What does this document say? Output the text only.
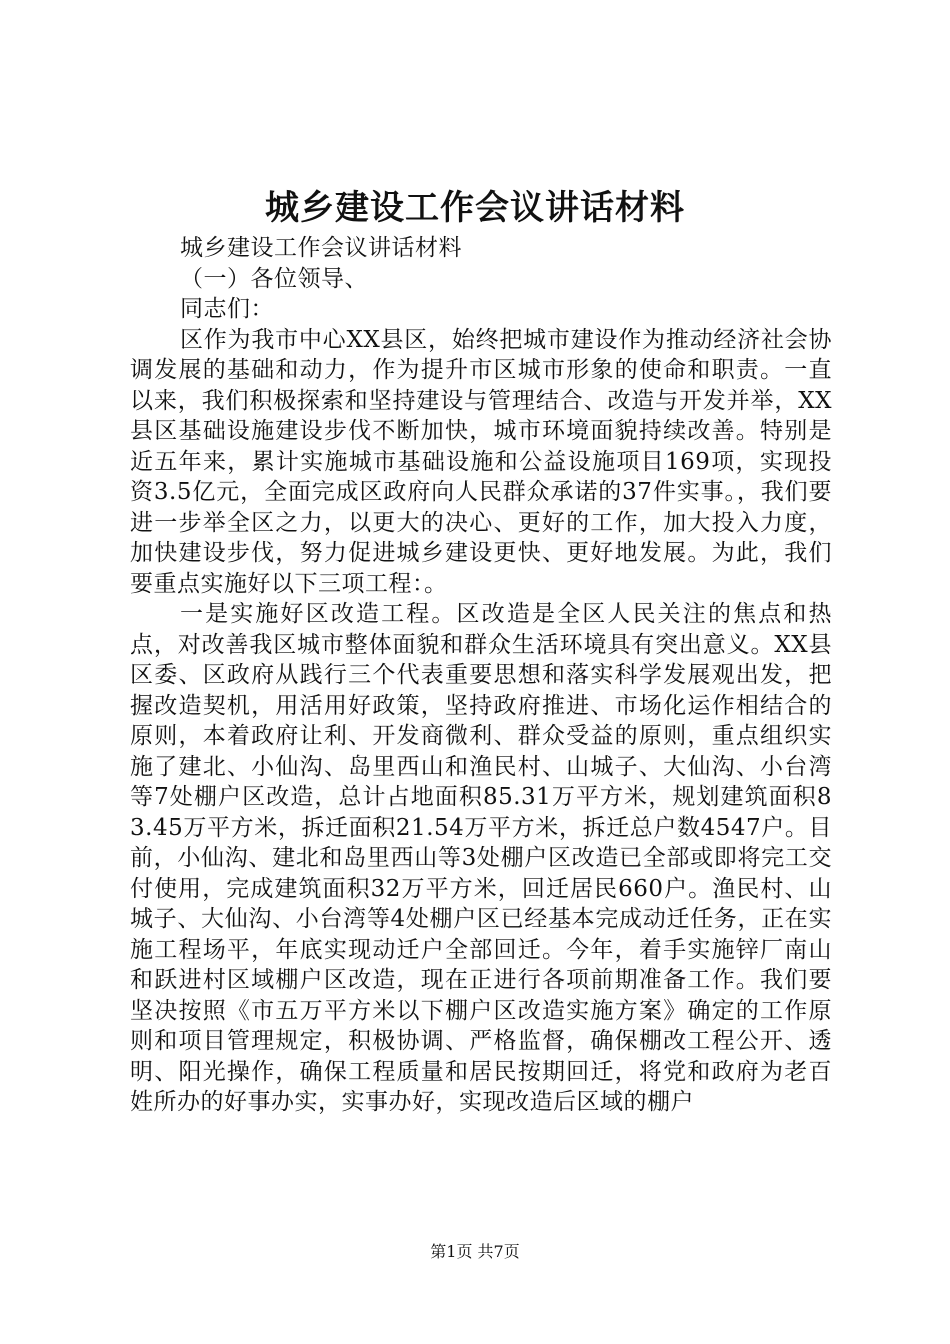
城乡建设工作会议讲话材料

城乡建设工作会议讲话材料

（一）各位领导、

同志们：

区作为我市中心XX县区，始终把城市建设作为推动经济社会协调发展的基础和动力，作为提升市区城市形象的使命和职责。一直以来，我们积极探索和坚持建设与管理结合、改造与开发并举，XX县区基础设施建设步伐不断加快，城市环境面貌持续改善。特别是近五年来，累计实施城市基础设施和公益设施项目169项，实现投资3.5亿元，全面完成区政府向人民群众承诺的37件实事。，我们要进一步举全区之力，以更大的决心、更好的工作，加大投入力度，加快建设步伐，努力促进城乡建设更快、更好地发展。为此，我们要重点实施好以下三项工程：。

一是实施好区改造工程。区改造是全区人民关注的焦点和热点，对改善我区城市整体面貌和群众生活环境具有突出意义。XX县区委、区政府从践行三个代表重要思想和落实科学发展观出发，把握改造契机，用活用好政策，坚持政府推进、市场化运作相结合的原则，本着政府让利、开发商微利、群众受益的原则，重点组织实施了建北、小仙沟、岛里西山和渔民村、山城子、大仙沟、小台湾等7处棚户区改造，总计占地面积85.31万平方米，规划建筑面积83.45万平方米，拆迁面积21.54万平方米，拆迁总户数4547户。目前，小仙沟、建北和岛里西山等3处棚户区改造已全部或即将完工交付使用，完成建筑面积32万平方米，回迁居民660户。渔民村、山城子、大仙沟、小台湾等4处棚户区已经基本完成动迁任务，正在实施工程场平，年底实现动迁户全部回迁。今年，着手实施锌厂南山和跃进村区域棚户区改造，现在正进行各项前期准备工作。我们要坚决按照《市五万平方米以下棚户区改造实施方案》确定的工作原则和项目管理规定，积极协调、严格监督，确保棚改工程公开、透明、阳光操作，确保工程质量和居民按期回迁，将党和政府为老百姓所办的好事办实，实事办好，实现改造后区域的棚户

第1页 共7页
